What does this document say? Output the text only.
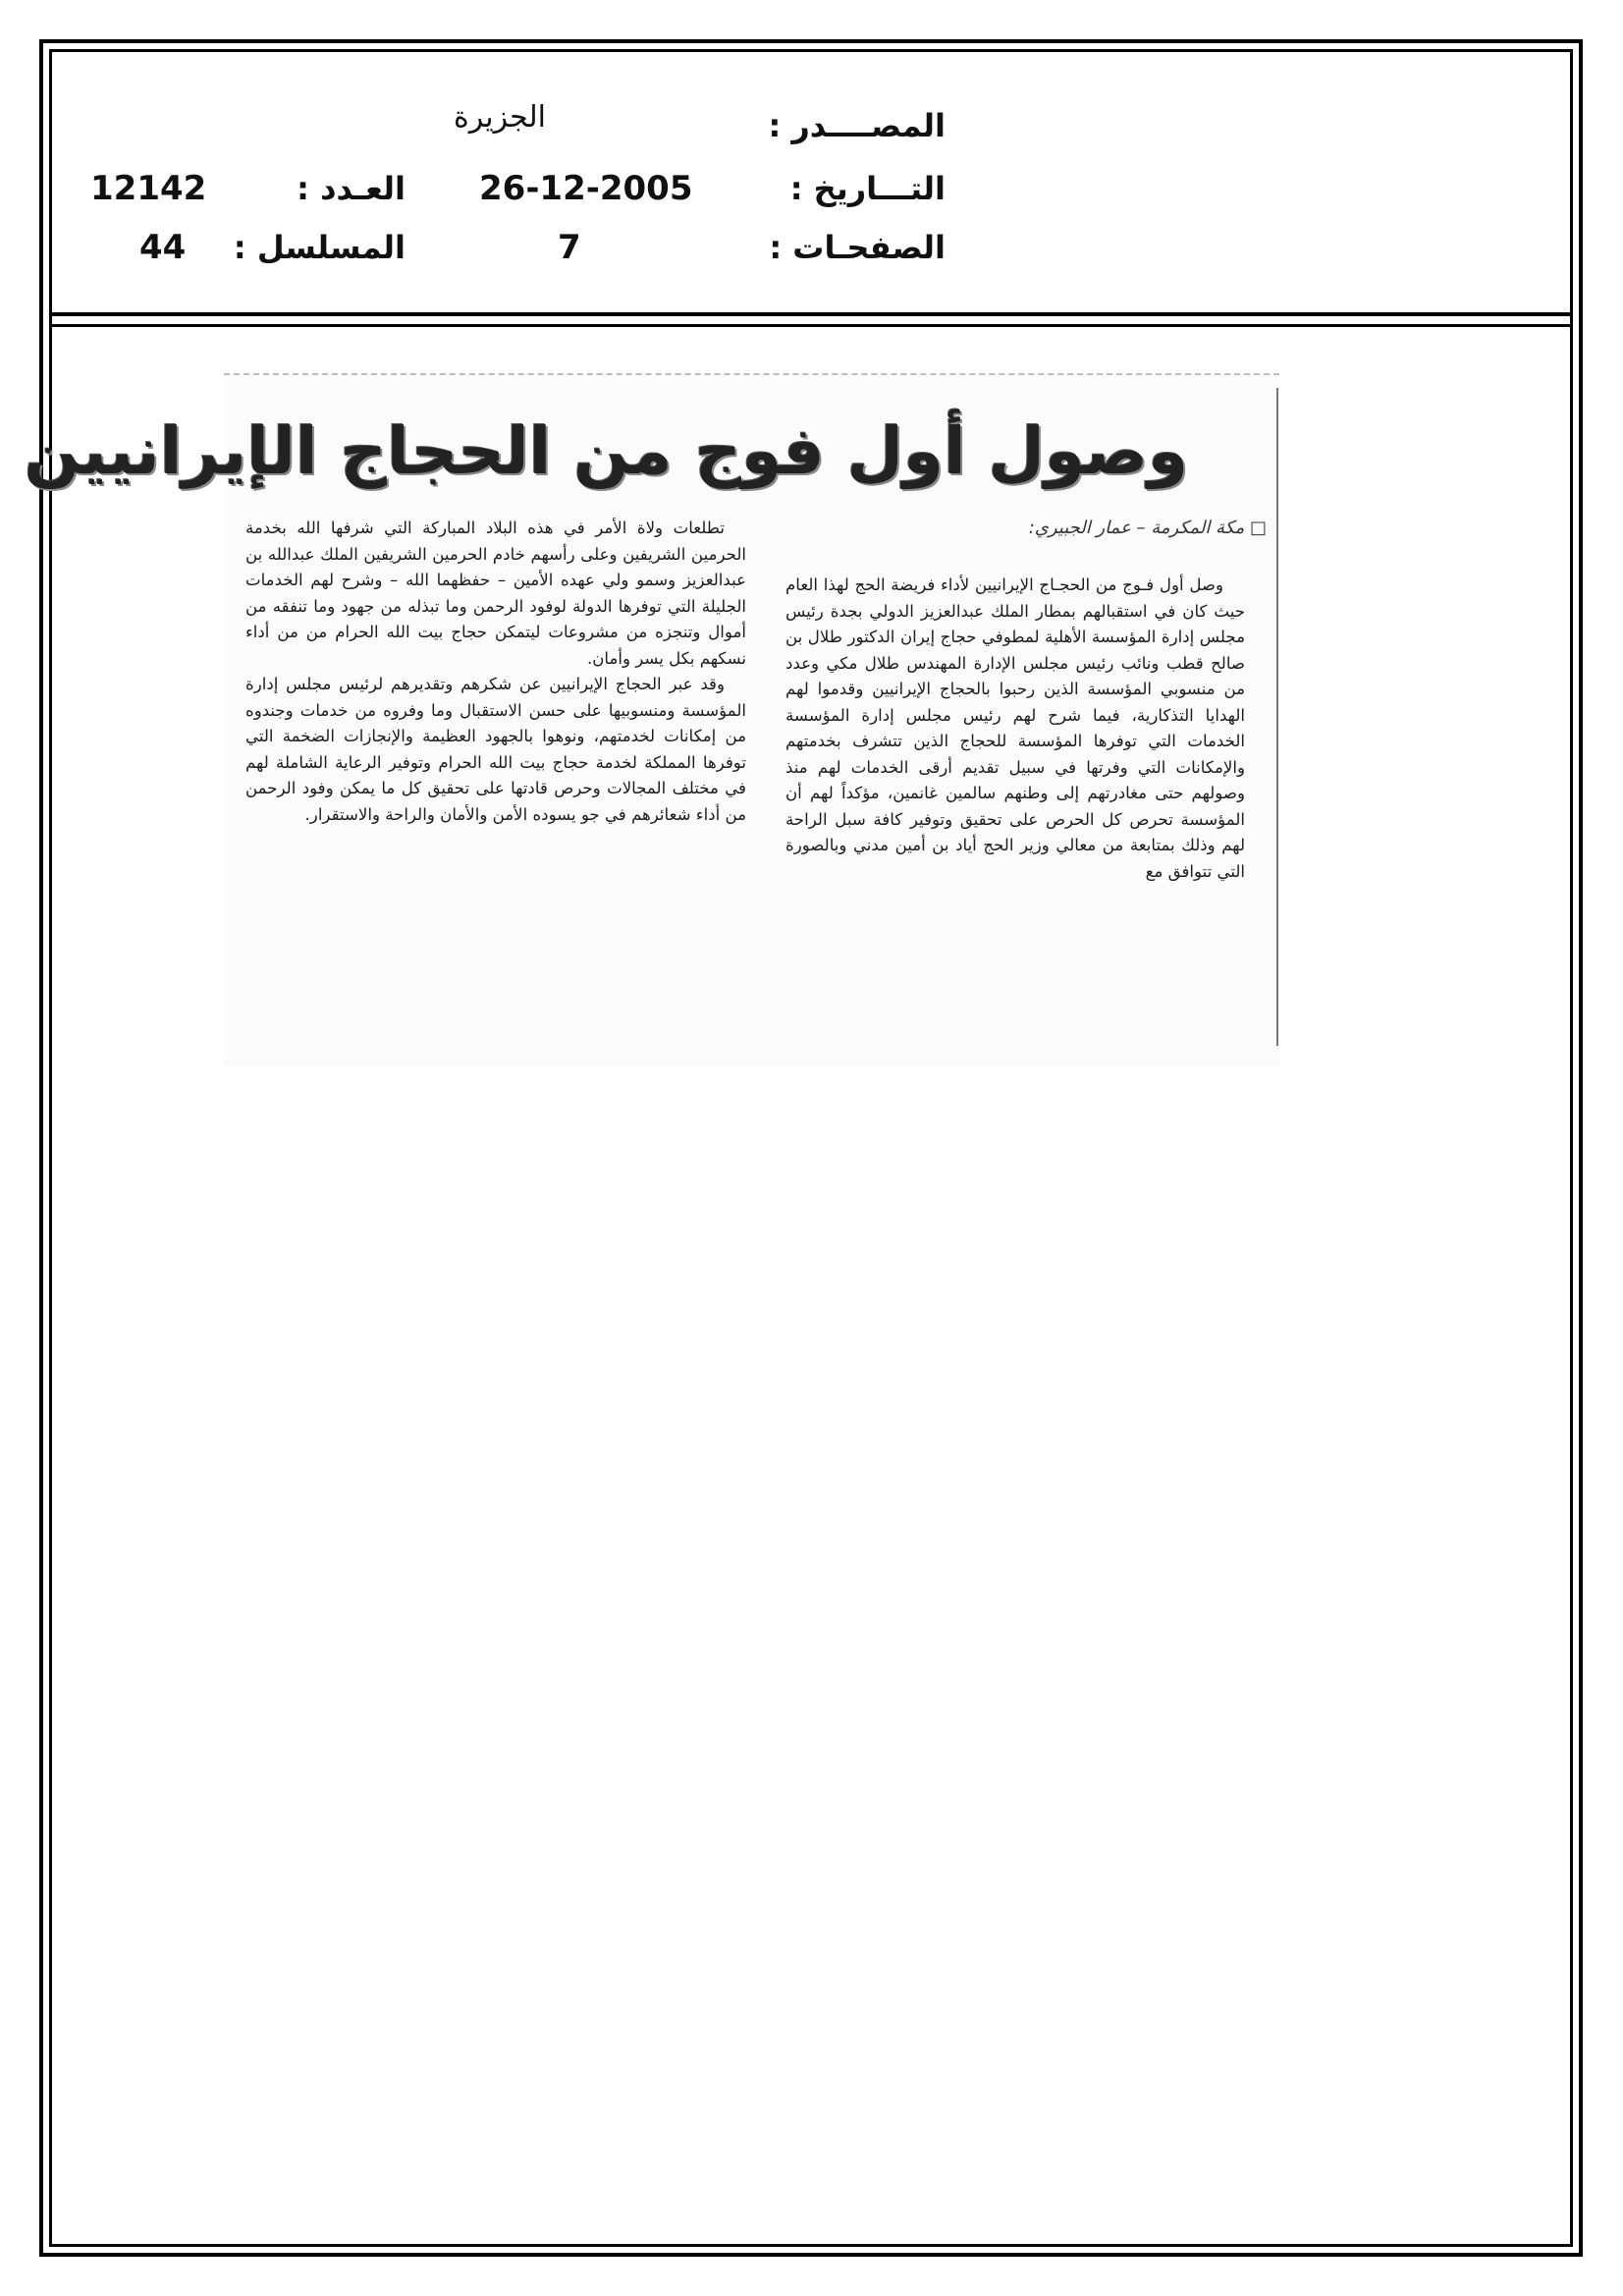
المصــــدر :
الجزيرة
التـــاريخ :
26-12-2005
العـدد :
12142
الصفحـات :
7
المسلسل :
44
وصول أول فوج من الحجاج الإيرانيين
□ مكة المكرمة – عمار الجبيري:

وصل أول فـوج من الحجـاج الإيرانيين لأداء فريضة الحج لهذا العام حيث كان في استقبالهم بمطار الملك عبدالعزيز الدولي بجدة رئيس مجلس إدارة المؤسسة الأهلية لمطوفي حجاج إيران الدكتور طلال بن صالح قطب ونائب رئيس مجلس الإدارة المهندس طلال مكي وعدد من منسوبي المؤسسة الذين رحبوا بالحجاج الإيرانيين وقدموا لهم الهدايا التذكارية، فيما شرح لهم رئيس مجلس إدارة المؤسسة الخدمات التي توفرها المؤسسة للحجاج الذين تتشرف بخدمتهم والإمكانات التي وفرتها في سبيل تقديم أرقى الخدمات لهم منذ وصولهم حتى مغادرتهم إلى وطنهم سالمين غانمين، مؤكداً لهم أن المؤسسة تحرص كل الحرص على تحقيق وتوفير كافة سبل الراحة لهم وذلك بمتابعة من معالي وزير الحج أياد بن أمين مدني وبالصورة التي تتوافق مع

تطلعات ولاة الأمر في هذه البلاد المباركة التي شرفها الله بخدمة الحرمين الشريفين وعلى رأسهم خادم الحرمين الشريفين الملك عبدالله بن عبدالعزيز وسمو ولي عهده الأمين – حفظهما الله – وشرح لهم الخدمات الجليلة التي توفرها الدولة لوفود الرحمن وما تبذله من جهود وما تنفقه من أموال وتنجزه من مشروعات ليتمكن حجاج بيت الله الحرام من من أداء نسكهم بكل يسر وأمان.

وقد عبر الحجاج الإيرانيين عن شكرهم وتقديرهم لرئيس مجلس إدارة المؤسسة ومنسوبيها على حسن الاستقبال وما وفروه من خدمات وجندوه من إمكانات لخدمتهم، ونوهوا بالجهود العظيمة والإنجازات الضخمة التي توفرها المملكة لخدمة حجاج بيت الله الحرام وتوفير الرعاية الشاملة لهم في مختلف المجالات وحرص قادتها على تحقيق كل ما يمكن وفود الرحمن من أداء شعائرهم في جو يسوده الأمن والأمان والراحة والاستقرار.
